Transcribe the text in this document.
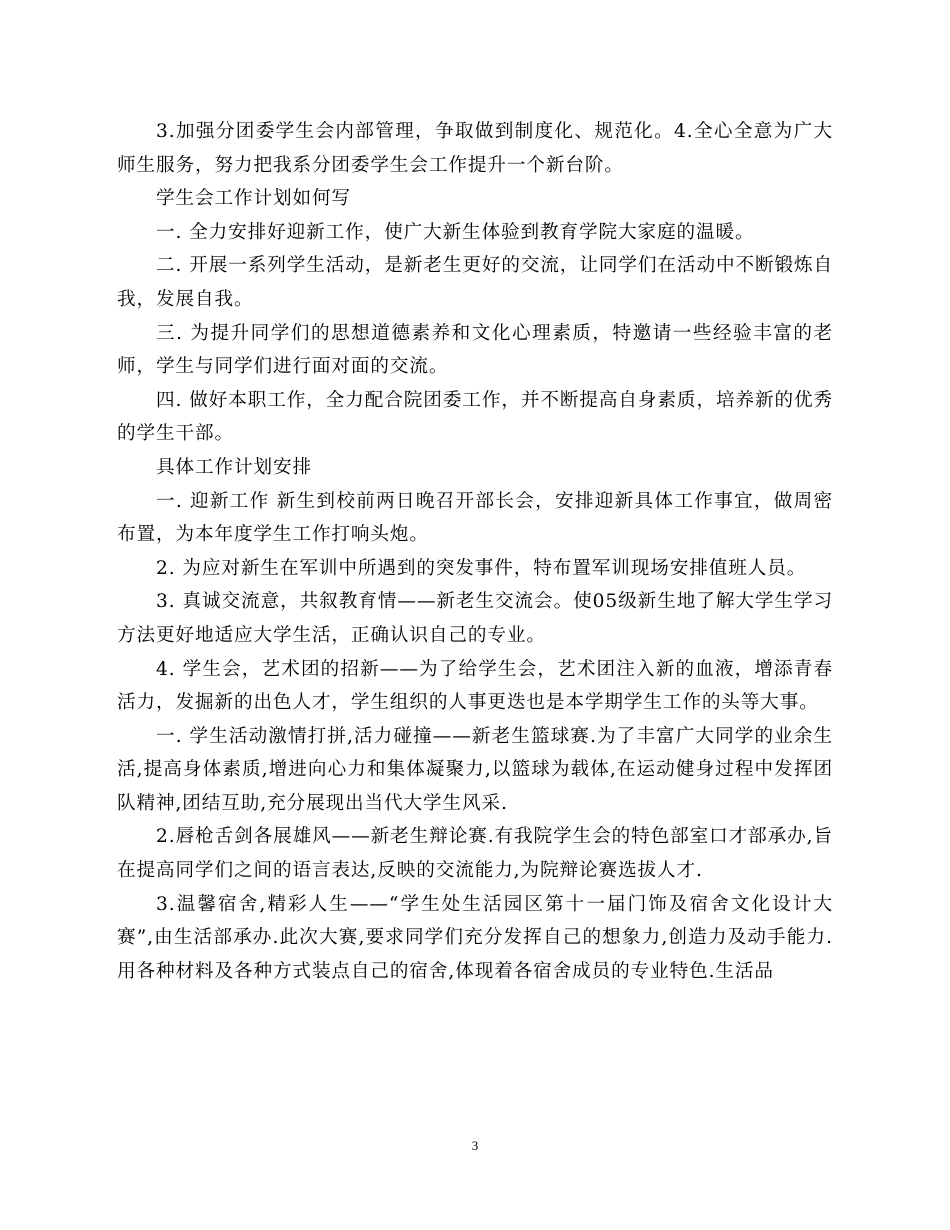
3.加强分团委学生会内部管理，争取做到制度化、规范化。4.全心全意为广大师生服务，努力把我系分团委学生会工作提升一个新台阶。

学生会工作计划如何写

一. 全力安排好迎新工作，使广大新生体验到教育学院大家庭的温暖。

二. 开展一系列学生活动，是新老生更好的交流，让同学们在活动中不断锻炼自我，发展自我。

三. 为提升同学们的思想道德素养和文化心理素质，特邀请一些经验丰富的老师，学生与同学们进行面对面的交流。

四. 做好本职工作，全力配合院团委工作，并不断提高自身素质，培养新的优秀的学生干部。

具体工作计划安排

一. 迎新工作 新生到校前两日晚召开部长会，安排迎新具体工作事宜，做周密布置，为本年度学生工作打响头炮。

2. 为应对新生在军训中所遇到的突发事件，特布置军训现场安排值班人员。

3. 真诚交流意，共叙教育情——新老生交流会。使05级新生地了解大学生学习方法更好地适应大学生活，正确认识自己的专业。

4. 学生会，艺术团的招新——为了给学生会，艺术团注入新的血液，增添青春活力，发掘新的出色人才，学生组织的人事更迭也是本学期学生工作的头等大事。

一. 学生活动激情打拼,活力碰撞——新老生篮球赛.为了丰富广大同学的业余生活,提高身体素质,增进向心力和集体凝聚力,以篮球为载体,在运动健身过程中发挥团队精神,团结互助,充分展现出当代大学生风采.

2.唇枪舌剑各展雄风——新老生辩论赛.有我院学生会的特色部室口才部承办,旨在提高同学们之间的语言表达,反映的交流能力,为院辩论赛选拔人才.

3.温馨宿舍,精彩人生——“学生处生活园区第十一届门饰及宿舍文化设计大赛”,由生活部承办.此次大赛,要求同学们充分发挥自己的想象力,创造力及动手能力.用各种材料及各种方式装点自己的宿舍,体现着各宿舍成员的专业特色.生活品

3
